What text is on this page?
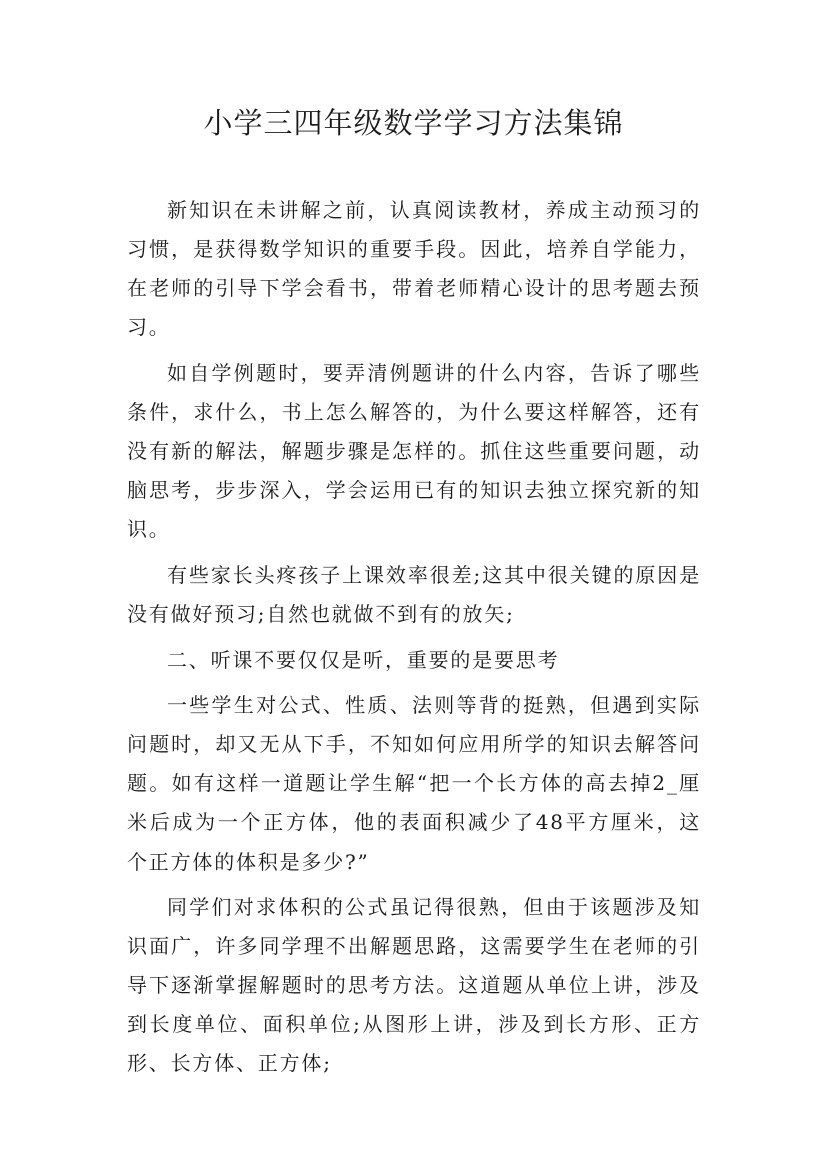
小学三四年级数学学习方法集锦

新知识在未讲解之前，认真阅读教材，养成主动预习的习惯，是获得数学知识的重要手段。因此，培养自学能力，在老师的引导下学会看书，带着老师精心设计的思考题去预习。

如自学例题时，要弄清例题讲的什么内容，告诉了哪些条件，求什么，书上怎么解答的，为什么要这样解答，还有没有新的解法，解题步骤是怎样的。抓住这些重要问题，动脑思考，步步深入，学会运用已有的知识去独立探究新的知识。

有些家长头疼孩子上课效率很差;这其中很关键的原因是没有做好预习;自然也就做不到有的放矢;

二、听课不要仅仅是听，重要的是要思考

一些学生对公式、性质、法则等背的挺熟，但遇到实际问题时，却又无从下手，不知如何应用所学的知识去解答问题。如有这样一道题让学生解“把一个长方体的高去掉2_厘米后成为一个正方体，他的表面积减少了48平方厘米，这个正方体的体积是多少?”

同学们对求体积的公式虽记得很熟，但由于该题涉及知识面广，许多同学理不出解题思路，这需要学生在老师的引导下逐渐掌握解题时的思考方法。这道题从单位上讲，涉及到长度单位、面积单位;从图形上讲，涉及到长方形、正方形、长方体、正方体;
